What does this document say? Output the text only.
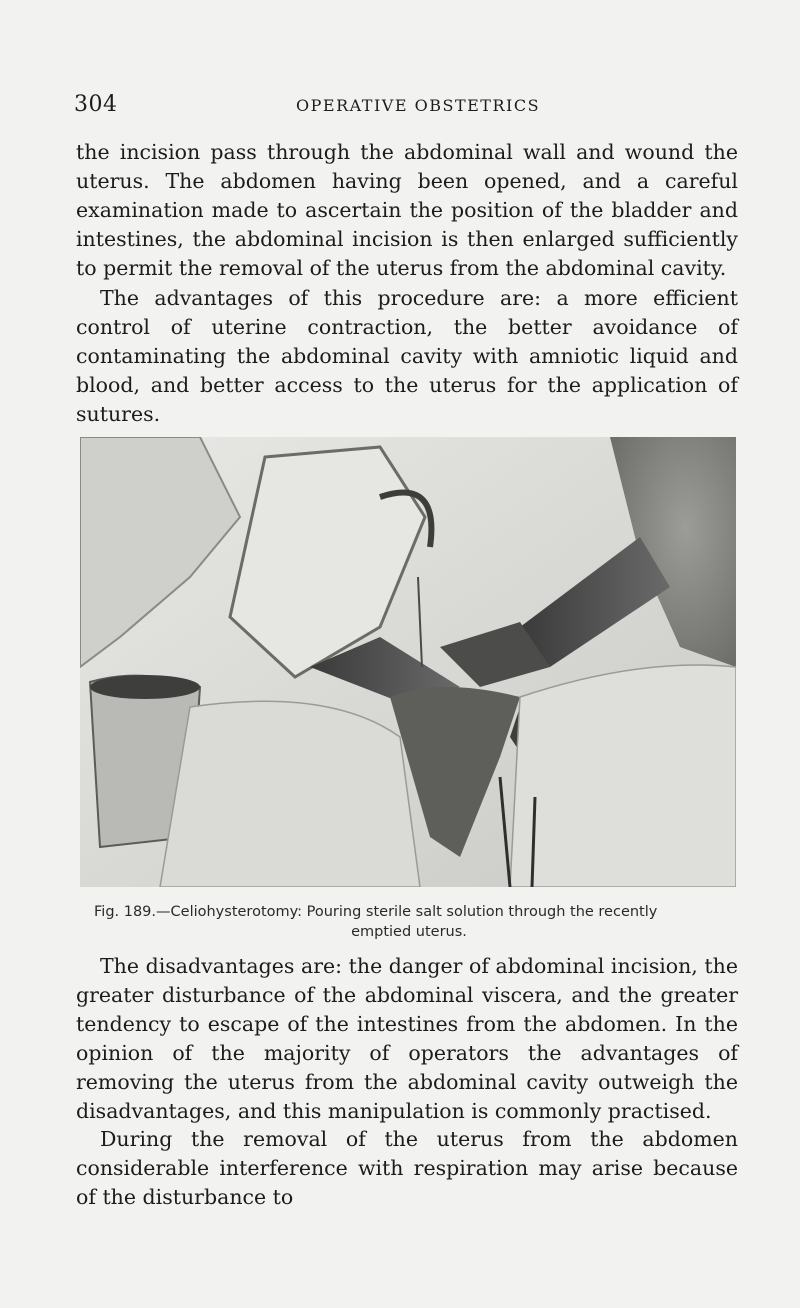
304	OPERATIVE OBSTETRICS

the incision pass through the abdominal wall and wound the uterus. The abdomen having been opened, and a careful examination made to ascertain the position of the bladder and intestines, the abdominal incision is then enlarged sufficiently to permit the removal of the uterus from the abdominal cavity.

The advantages of this procedure are: a more efficient control of uterine contraction, the better avoidance of contaminating the abdominal cavity with amniotic liquid and blood, and better access to the uterus for the application of sutures.

Fig. 189.—Celiohysterotomy: Pouring sterile salt solution through the recently
emptied uterus.

The disadvantages are: the danger of abdominal incision, the greater disturbance of the abdominal viscera, and the greater tendency to escape of the intestines from the abdomen. In the opinion of the majority of operators the advantages of removing the uterus from the abdominal cavity outweigh the disadvantages, and this manipulation is commonly practised.

During the removal of the uterus from the abdomen considerable interference with respiration may arise because of the disturbance to
